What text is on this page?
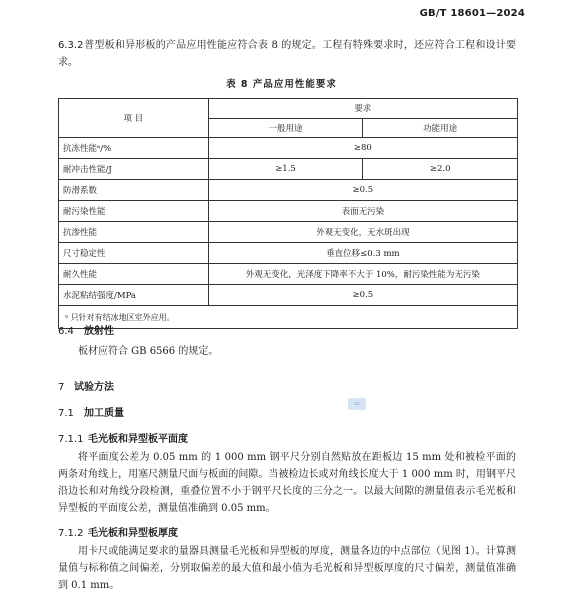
GB/T 18601—2024
6.3.2普型板和异形板的产品应用性能应符合表 8 的规定。工程有特殊要求时，还应符合工程和设计要求。
表 8 产品应用性能要求
项 目	要求	
	一般用途	功能用途
抗冻性能ᵃ/%	≥80	
耐冲击性能/J	≥1.5	≥2.0
防滑系数	≥0.5	
耐污染性能	表面无污染	
抗渗性能	外观无变化，无水斑出现	
尺寸稳定性	垂直位移≤0.3 mm	
耐久性能	外观无变化，光泽度下降率不大于 10%，耐污染性能为无污染	
水泥粘结强度/MPa	≥0.5	
ᵃ 只针对有结冰地区室外应用。		
6.4 放射性
板材应符合 GB 6566 的规定。
7 试验方法
7.1 加工质量
▭
7.1.1 毛光板和异型板平面度
将平面度公差为 0.05 mm 的 1 000 mm 钢平尺分别自然贴放在距板边 15 mm 处和被检平面的两条对角线上，用塞尺测量尺面与板面的间隙。当被检边长或对角线长度大于 1 000 mm 时，用钢平尺沿边长和对角线分段检测，重叠位置不小于钢平尺长度的三分之一。以最大间隙的测量值表示毛光板和异型板的平面度公差，测量值准确到 0.05 mm。
7.1.2 毛光板和异型板厚度
用卡尺或能满足要求的量器具测量毛光板和异型板的厚度，测量各边的中点部位（见图 1）。计算测量值与标称值之间偏差，分别取偏差的最大值和最小值为毛光板和异型板厚度的尺寸偏差，测量值准确到 0.1 mm。
